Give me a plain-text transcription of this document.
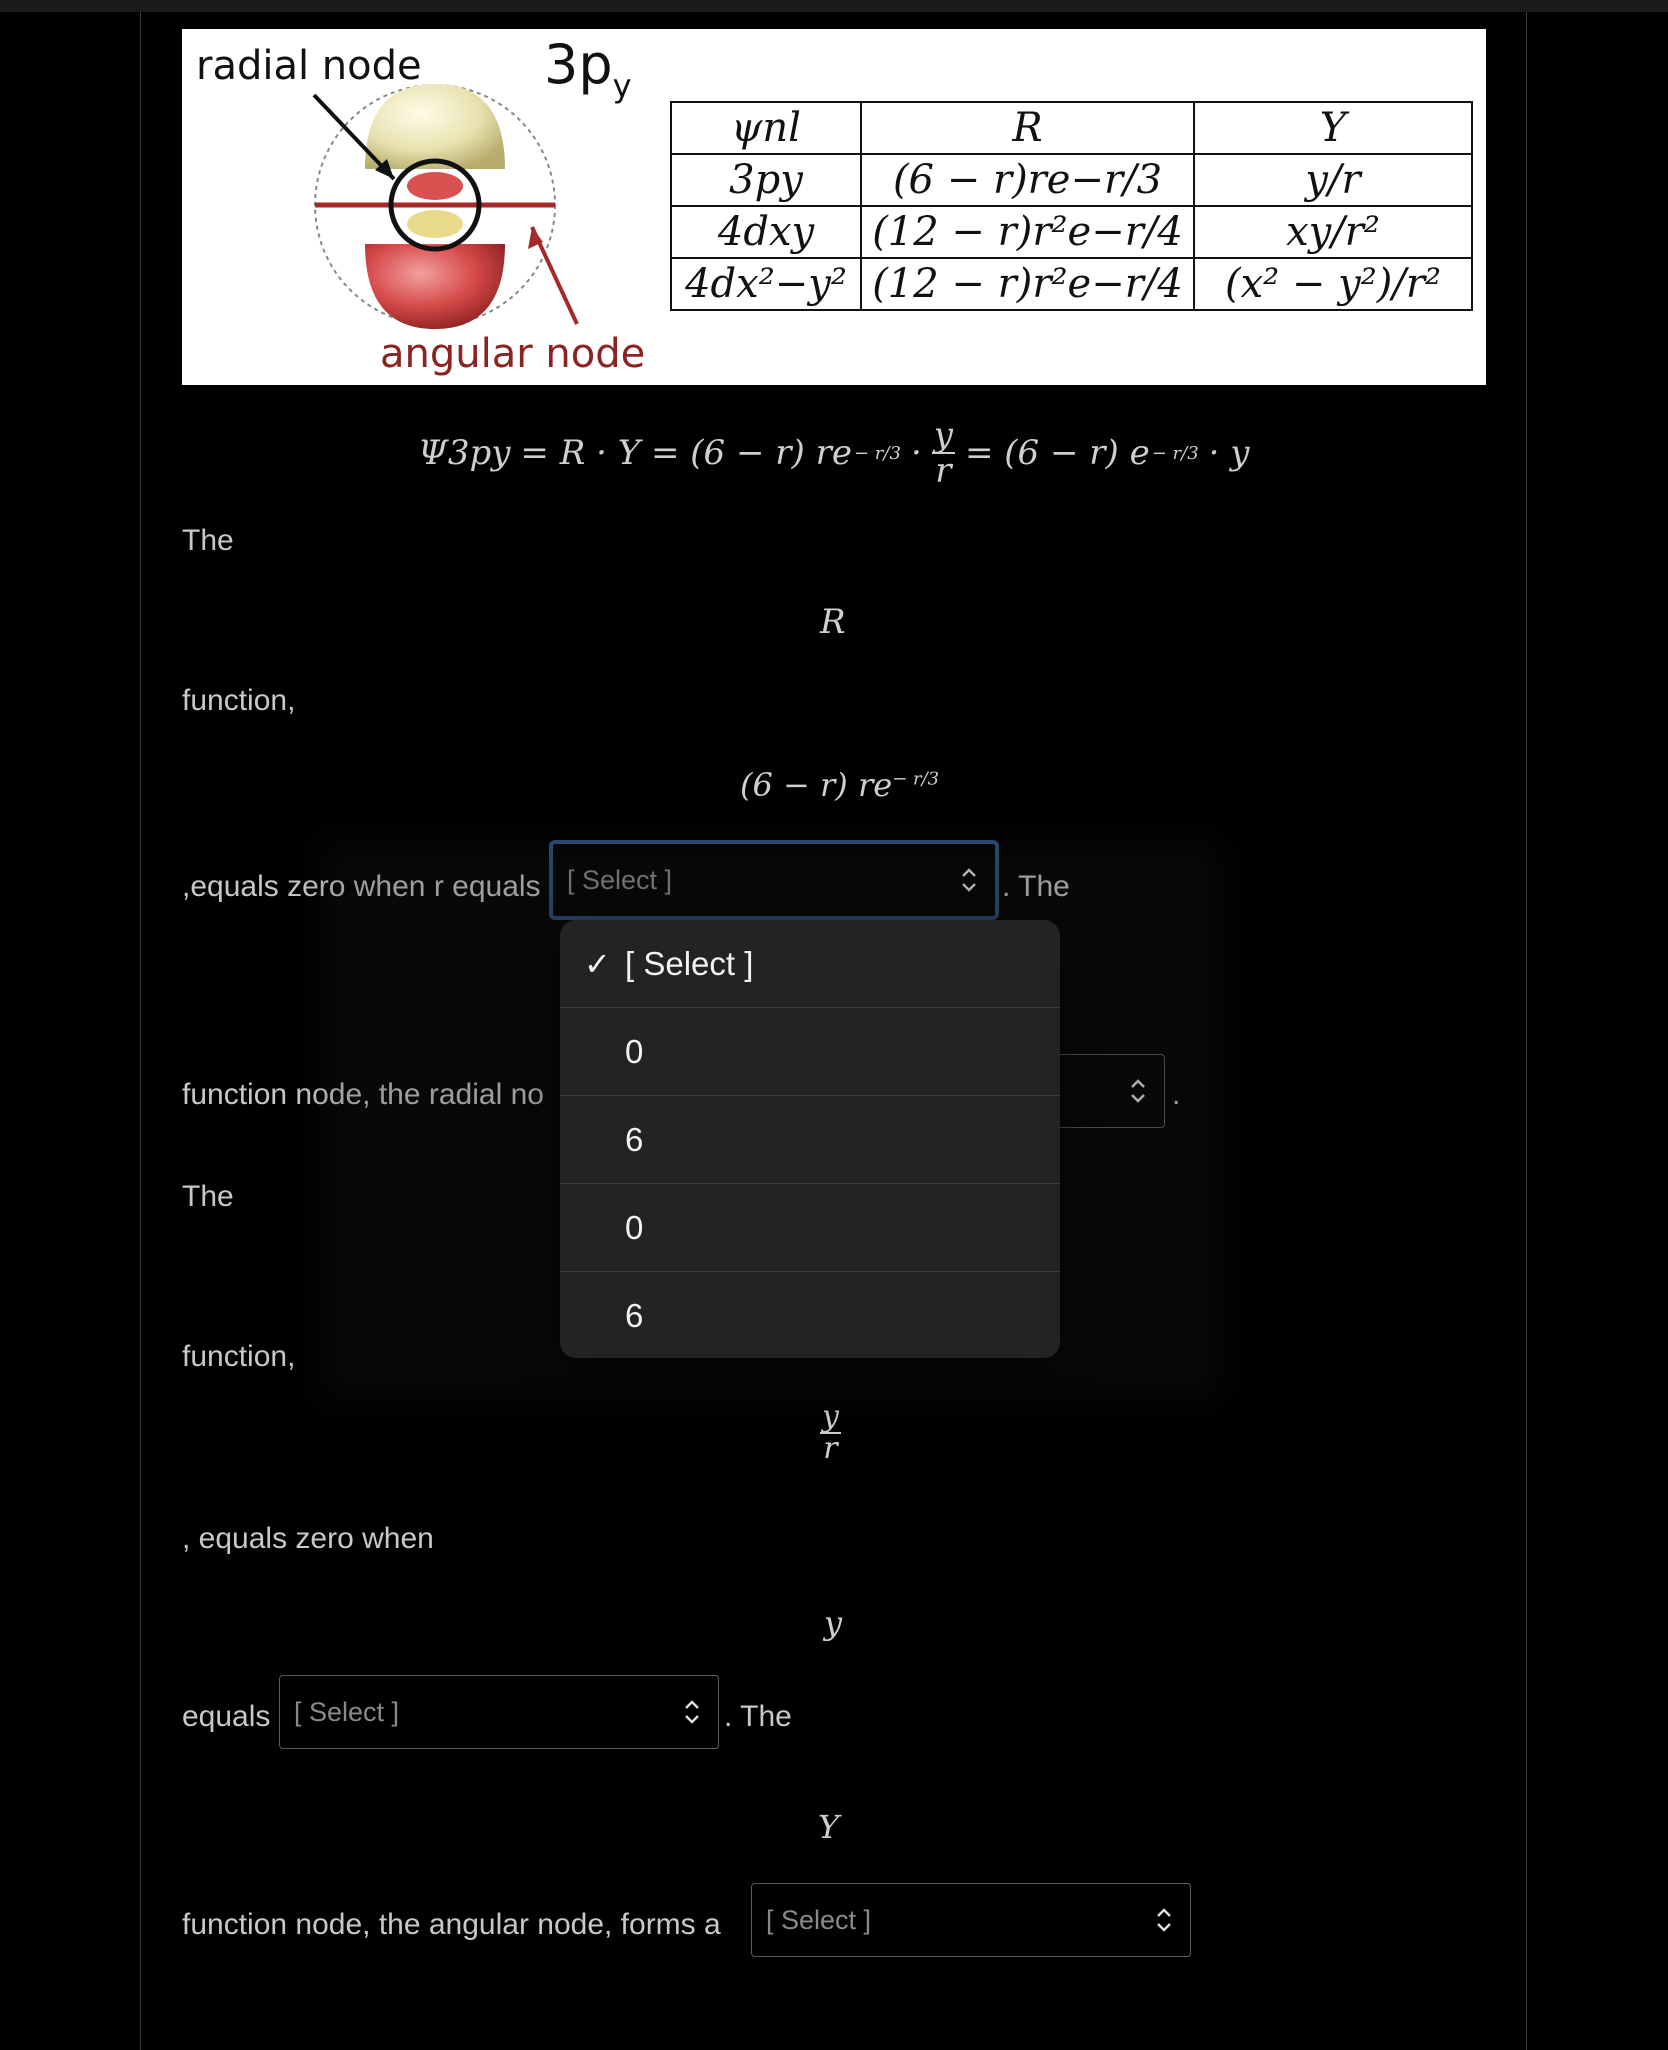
radial node $3p_y$
angular node
ψnl	R	Y
3py	(6 − r)re−r/3	y/r
4dxy	(12 − r)r²e−r/4	xy/r²
4dx²−y²	(12 − r)r²e−r/4	(x² − y²)/r²
Ψ3py = R · Y = (6 − r) re − $r/3 \cdot \frac{y}{r} = (6 - r) e - r/3 \cdot y$
The
R
function,
(6 − r) $re^{- r/3}$
,equals zero when r equals [ Select ]	. The
function node, the radial no	.
The
function,
$\frac{y}{r}$
, equals zero when
y
equals [ Select ]	. The
Y
function node, the angular node, forms a [ Select ]
✓ [ Select ]
0
6
0
6
